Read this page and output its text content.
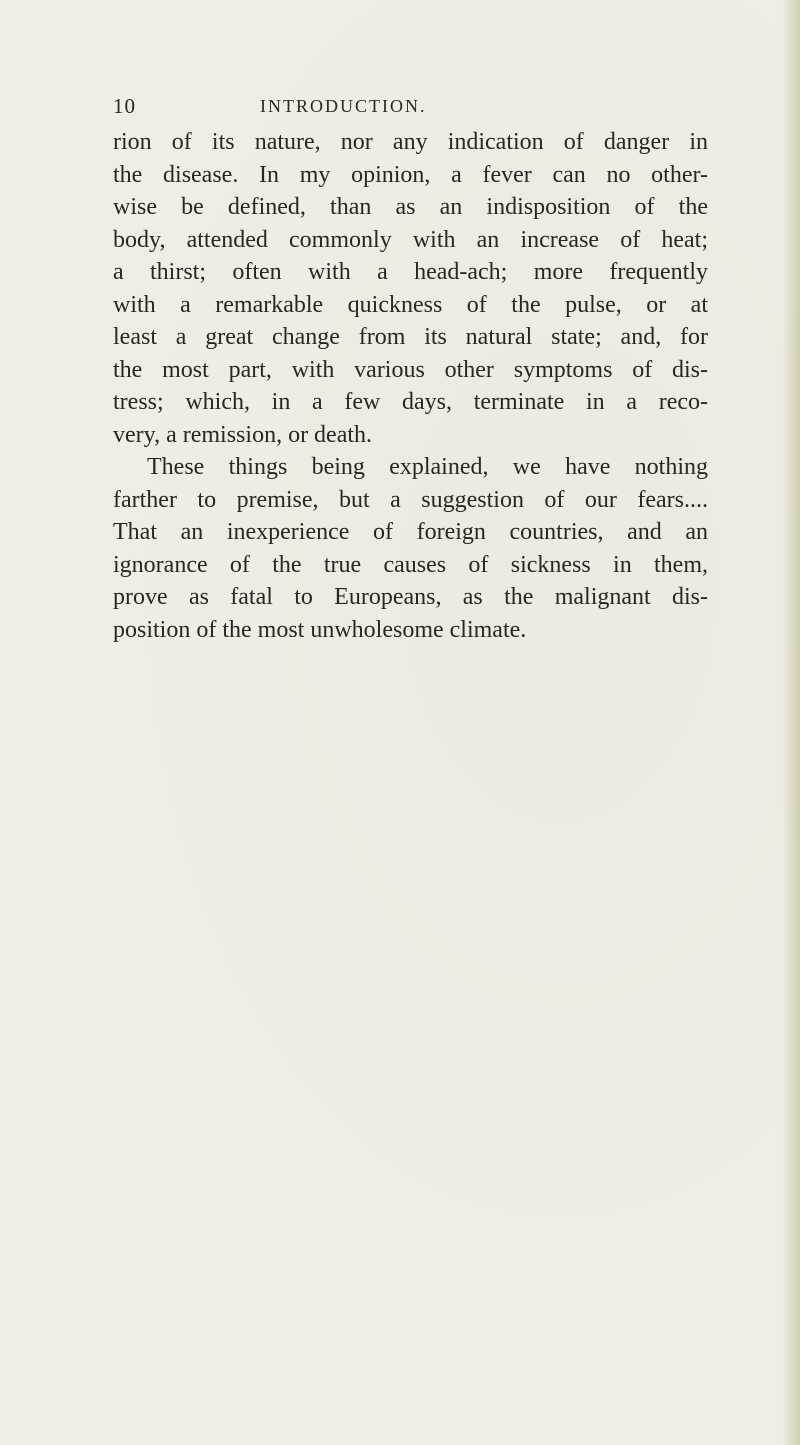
10	INTRODUCTION.
rion of its nature, nor any indication of danger in
the disease. In my opinion, a fever can no other-
wise be defined, than as an indisposition of the
body, attended commonly with an increase of heat;
a thirst; often with a head-ach; more frequently
with a remarkable quickness of the pulse, or at
least a great change from its natural state; and, for
the most part, with various other symptoms of dis-
tress; which, in a few days, terminate in a reco-
very, a remission, or death.
These things being explained, we have nothing
farther to premise, but a suggestion of our fears....
That an inexperience of foreign countries, and an
ignorance of the true causes of sickness in them,
prove as fatal to Europeans, as the malignant dis-
position of the most unwholesome climate.
